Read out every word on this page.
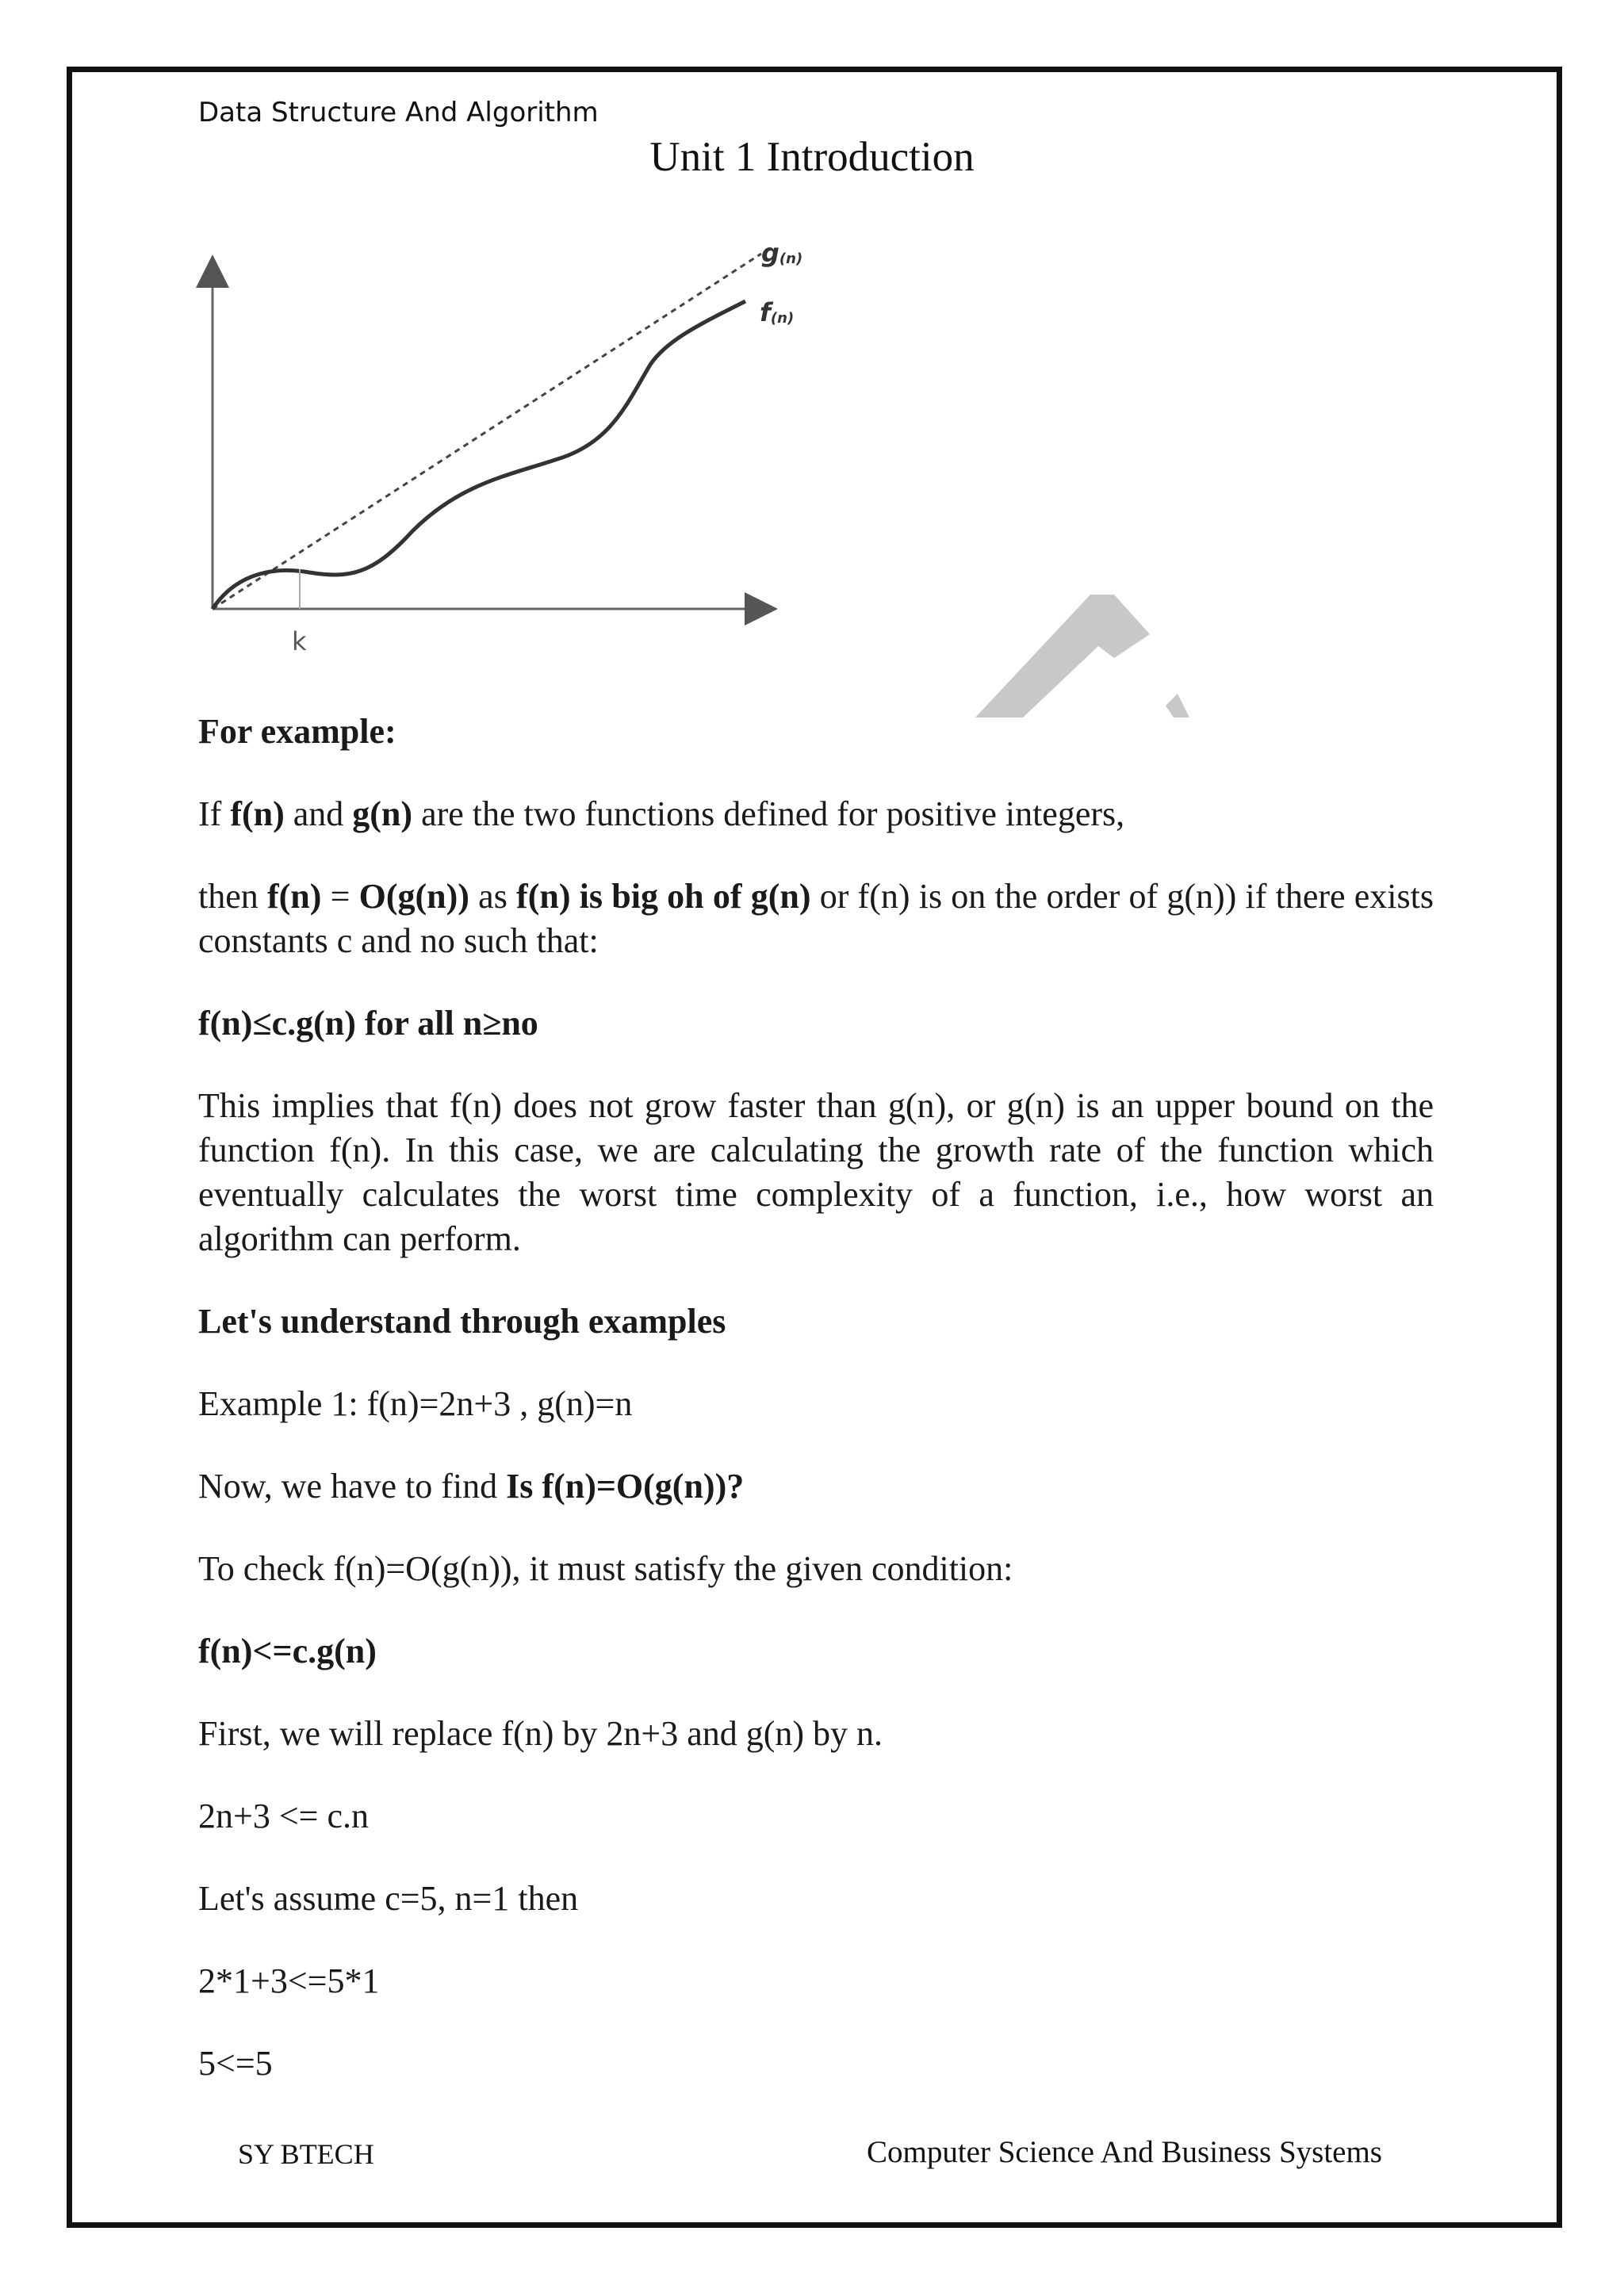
Data Structure And Algorithm
Unit 1 Introduction
g(n)
f(n)
k

For example:

If f(n) and g(n) are the two functions defined for positive integers,

then f(n) = O(g(n)) as f(n) is big oh of g(n) or f(n) is on the order of g(n)) if there exists constants c and no such that:

f(n)≤c.g(n) for all n≥no

This implies that f(n) does not grow faster than g(n), or g(n) is an upper bound on the function f(n). In this case, we are calculating the growth rate of the function which eventually calculates the worst time complexity of a function, i.e., how worst an algorithm can perform.

Let's understand through examples

Example 1: f(n)=2n+3 , g(n)=n

Now, we have to find Is f(n)=O(g(n))?

To check f(n)=O(g(n)), it must satisfy the given condition:

f(n)<=c.g(n)

First, we will replace f(n) by 2n+3 and g(n) by n.

2n+3 <= c.n

Let's assume c=5, n=1 then

2*1+3<=5*1

5<=5

SY BTECH	Computer Science And Business Systems
